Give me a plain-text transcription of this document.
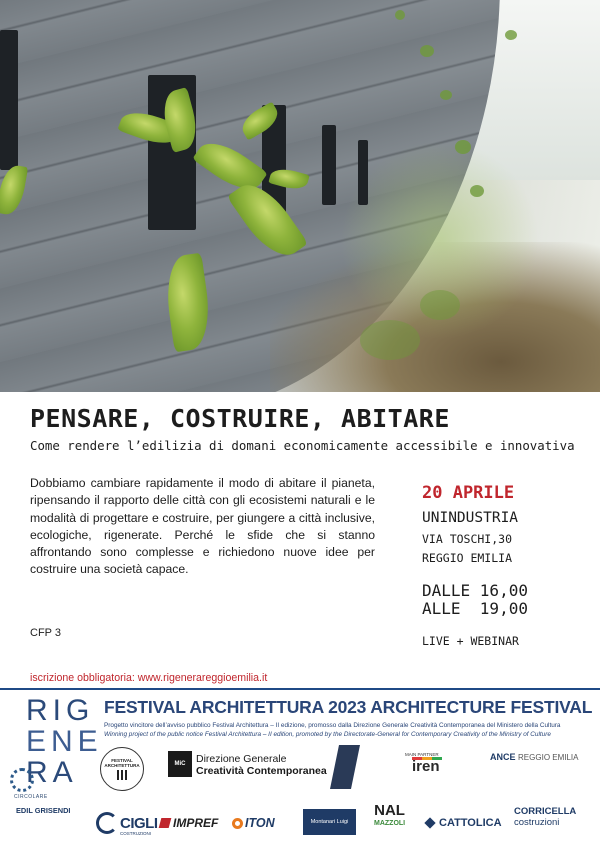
PENSARE, COSTRUIRE, ABITARE
Come rendere l’edilizia di domani economicamente accessibile e innovativa

Dobbiamo cambiare rapidamente il modo di abitare il pianeta, ripensando il rapporto delle città con gli ecosistemi naturali e le modalità di progettare e costruire, per giungere a città inclusive, ecologiche, rigenerate. Perché le sfide che si stanno affrontando sono complesse e richiedono nuove idee per costruire una società capace.

20 APRILE
UNINDUSTRIA
VIA TOSCHI,30
REGGIO EMILIA
DALLE 16,00
ALLE  19,00
LIVE + WEBINAR
CFP 3
iscrizione obbligatoria: www.rigenerareggioemilia.it
RIG
ENE
RA
CIRCOLARE
FESTIVAL ARCHITETTURA 2023 ARCHITECTURE FESTIVAL
Progetto vincitore dell’avviso pubblico Festival Architettura – II edizione, promosso dalla Direzione Generale Creatività Contemporanea del Ministero della Cultura
Winning project of the public notice Festival Architettura – II edition, promoted by the Directorate-General for Contemporary Creativity of the Ministry of Culture
FESTIVAL ARCHITETTURA	MiC	Direzione Generale
Creatività Contemporanea
MAIN PARTNER
iren
ANCE REGGIO EMILIA
EDIL GRISENDI
CIGLI
COSTRUZIONI
IMPREF ITON	Montanari Luigi
NAL
MAZZOLI	CATTOLICA
CORRICELLA
costruzioni
